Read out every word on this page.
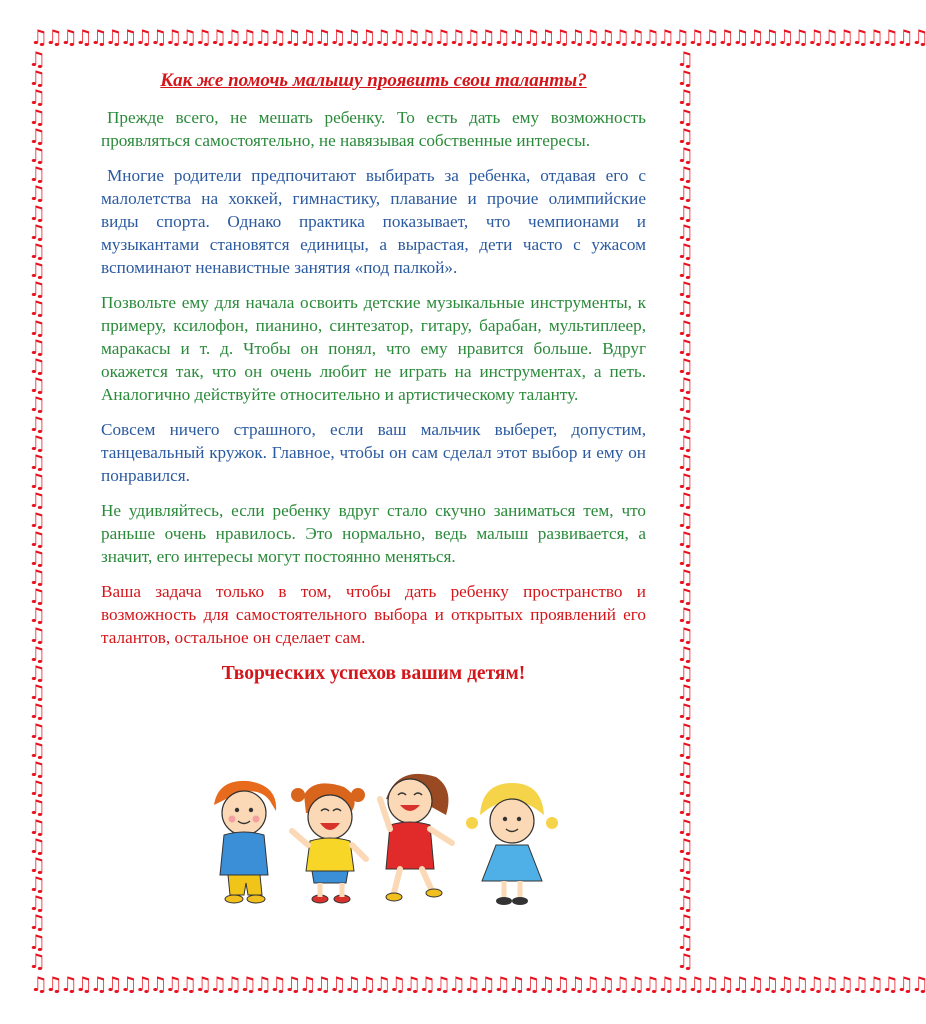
♫♫♫♫♫♫♫♫♫♫♫♫♫♫♫♫♫♫♫♫♫♫♫♫♫♫♫♫♫♫♫♫♫♫♫♫♫♫♫♫♫♫♫♫♫♫♫♫♫♫♫♫♫♫♫♫♫♫♫♫
♫♫♫♫♫♫♫♫♫♫♫♫♫♫♫♫♫♫♫♫♫♫♫♫♫♫♫♫♫♫♫♫♫♫♫♫♫♫♫♫♫♫♫♫♫♫♫♫♫♫♫♫♫♫♫♫♫♫♫♫
♫
♫
♫
♫
♫
♫
♫
♫
♫
♫
♫
♫
♫
♫
♫
♫
♫
♫
♫
♫
♫
♫
♫
♫
♫
♫
♫
♫
♫
♫
♫
♫
♫
♫
♫
♫
♫
♫
♫
♫
♫
♫
♫
♫
♫
♫
♫
♫
♫
♫
♫
♫
♫
♫
♫
♫
♫
♫
♫
♫
♫
♫
♫
♫
♫
♫
♫
♫
♫
♫
♫
♫
♫
♫
♫
♫
♫
♫
♫
♫
♫
♫
♫
♫
♫
♫
♫
♫
♫
♫
♫
♫
♫
♫
♫
♫
Как же помочь малышу проявить свои таланты?

Прежде всего, не мешать ребенку. То есть дать ему возможность проявляться самостоятельно, не навязывая собственные интересы.

Многие родители предпочитают выбирать за ребенка, отдавая его с малолетства на хоккей, гимнастику, плавание и прочие олимпийские виды спорта. Однако практика показывает, что чемпионами и музыкантами становятся единицы, а вырастая, дети часто с ужасом вспоминают ненавистные занятия «под палкой».

Позвольте ему для начала освоить детские музыкальные инструменты, к примеру, ксилофон, пианино, синтезатор, гитару, барабан, мультиплеер, маракасы и т. д. Чтобы он понял, что ему нравится больше. Вдруг окажется так, что он очень любит не играть на инструментах, а петь. Аналогично действуйте относительно и артистическому таланту.

Совсем ничего страшного, если ваш мальчик выберет, допустим, танцевальный кружок. Главное, чтобы он сам сделал этот выбор и ему он понравился.

Не удивляйтесь, если ребенку вдруг стало скучно заниматься тем, что раньше очень нравилось. Это нормально, ведь малыш развивается, а значит, его интересы могут постоянно меняться.

Ваша задача только в том, чтобы дать ребенку пространство и возможность для самостоятельного выбора и открытых проявлений его талантов, остальное он сделает сам.

Творческих успехов вашим детям!
